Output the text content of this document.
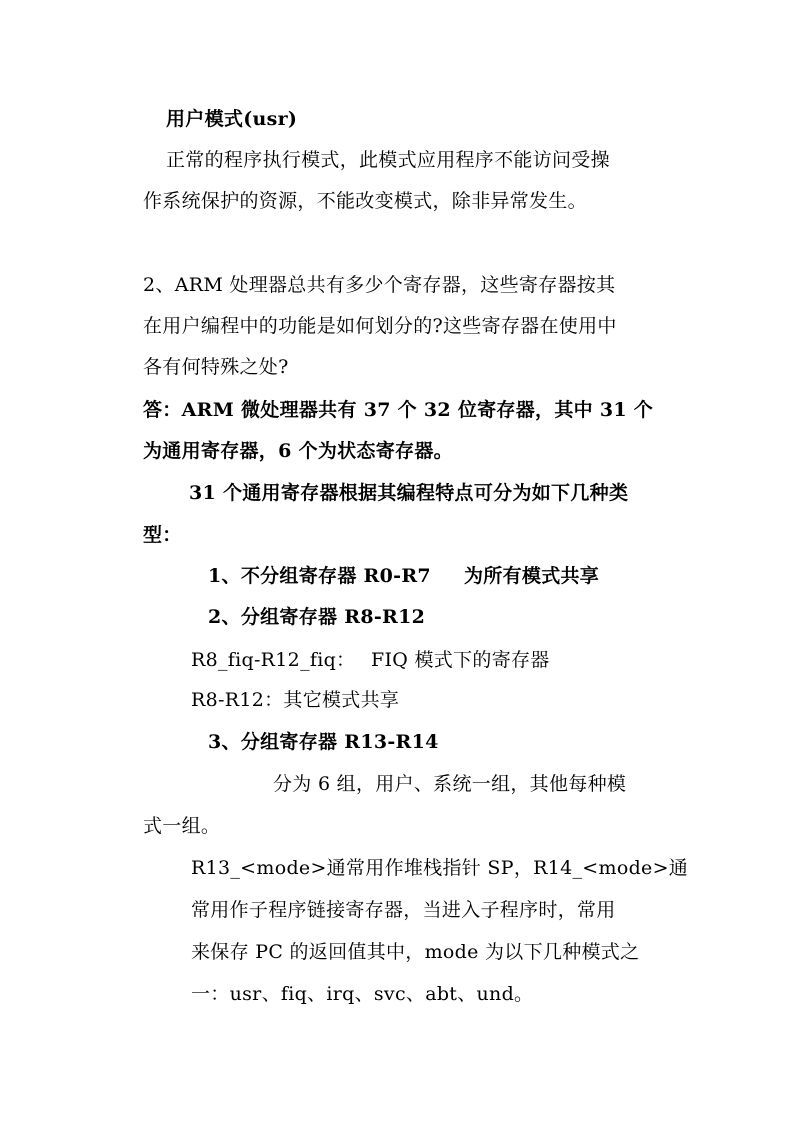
用户模式(usr)
正常的程序执行模式，此模式应用程序不能访问受操
作系统保护的资源，不能改变模式，除非异常发生。
2、ARM 处理器总共有多少个寄存器，这些寄存器按其
在用户编程中的功能是如何划分的?这些寄存器在使用中
各有何特殊之处?
答：ARM 微处理器共有 37 个 32 位寄存器，其中 31 个
为通用寄存器，6 个为状态寄存器。
31 个通用寄存器根据其编程特点可分为如下几种类
型：
1、不分组寄存器 R0-R7 为所有模式共享
2、分组寄存器 R8-R12
R8_fiq-R12_fiq： FIQ 模式下的寄存器
R8-R12：其它模式共享
3、分组寄存器 R13-R14
分为 6 组，用户、系统一组，其他每种模
式一组。
R13_<mode>通常用作堆栈指针 SP，R14_<mode>通
常用作子程序链接寄存器，当进入子程序时，常用
来保存 PC 的返回值其中，mode 为以下几种模式之
一：usr、fiq、irq、svc、abt、und。
